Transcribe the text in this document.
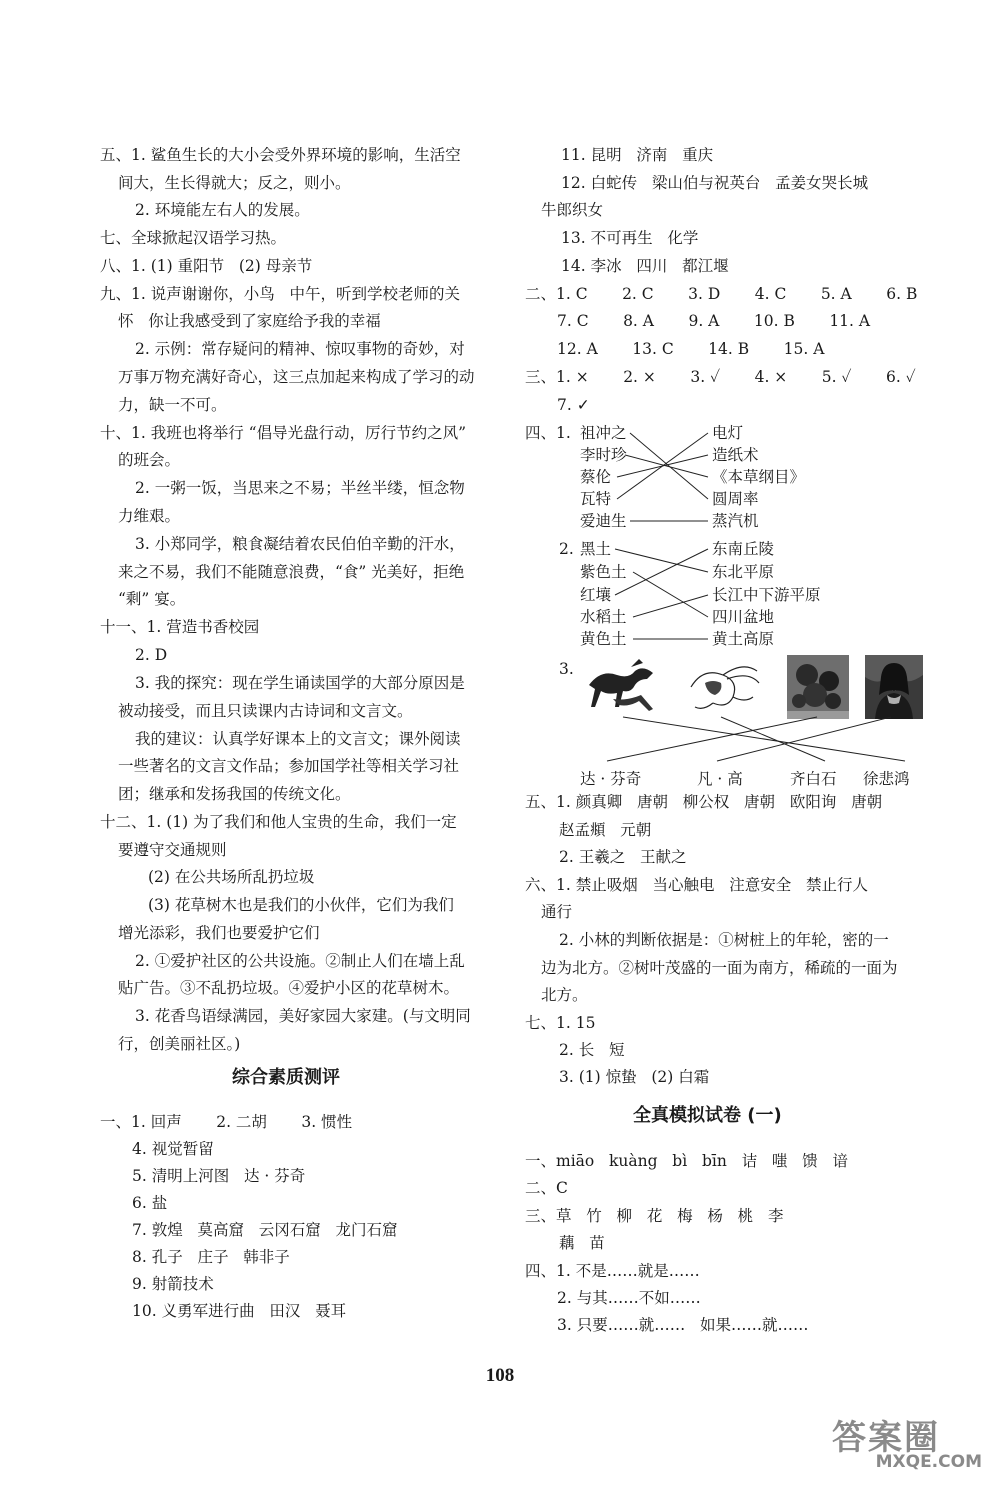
五、1. 鲨鱼生长的大小会受外界环境的影响，生活空
间大，生长得就大；反之，则小。
2. 环境能左右人的发展。
七、全球掀起汉语学习热。
八、1. (1) 重阳节   (2) 母亲节
九、1. 说声谢谢你，小鸟   中午，听到学校老师的关
怀   你让我感受到了家庭给予我的幸福
2. 示例：常存疑问的精神、惊叹事物的奇妙，对
万事万物充满好奇心，这三点加起来构成了学习的动
力，缺一不可。
十、1. 我班也将举行 “倡导光盘行动，厉行节约之风”
的班会。
2. 一粥一饭，当思来之不易；半丝半缕，恒念物
力维艰。
3. 小郑同学，粮食凝结着农民伯伯辛勤的汗水，
来之不易，我们不能随意浪费，“食” 光美好，拒绝
“剩” 宴。
十一、1. 营造书香校园
2. D
3. 我的探究：现在学生诵读国学的大部分原因是
被动接受，而且只读课内古诗词和文言文。
我的建议：认真学好课本上的文言文；课外阅读
一些著名的文言文作品；参加国学社等相关学习社
团；继承和发扬我国的传统文化。
十二、1. (1) 为了我们和他人宝贵的生命，我们一定
要遵守交通规则
(2) 在公共场所乱扔垃圾
(3) 花草树木也是我们的小伙伴，它们为我们
增光添彩，我们也要爱护它们
2. ①爱护社区的公共设施。②制止人们在墙上乱
贴广告。③不乱扔垃圾。④爱护小区的花草树木。
3. 花香鸟语绿满园，美好家园大家建。(与文明同
行，创美丽社区。)
综合素质测评
一、1. 回声       2. 二胡       3. 惯性
4. 视觉暂留
5. 清明上河图   达 · 芬奇
6. 盐
7. 敦煌   莫高窟   云冈石窟   龙门石窟
8. 孔子   庄子   韩非子
9. 射箭技术
10. 义勇军进行曲   田汉   聂耳
11. 昆明   济南   重庆
12. 白蛇传   梁山伯与祝英台   孟姜女哭长城
牛郎织女
13. 不可再生   化学
14. 李冰   四川   都江堰
二、1. C       2. C       3. D       4. C       5. A       6. B
7. C       8. A       9. A       10. B       11. A
12. A       13. C       14. B       15. A
三、1. ×       2. ×       3. ✓       4. ×       5. ✓       6. ✓
7. ✓
四、1. 祖冲之
李时珍
蔡伦
瓦特
爱迪生
电灯
造纸术
《本草纲目》
圆周率
蒸汽机
2. 黑土
紫色土
红壤
水稻土
黄色土
东南丘陵
东北平原
长江中下游平原
四川盆地
黄土高原
3.
达 · 芬奇	凡 · 高	齐白石 徐悲鸿
五、1. 颜真卿   唐朝   柳公权   唐朝   欧阳询   唐朝
赵孟頫   元朝
2. 王羲之   王献之
六、1. 禁止吸烟   当心触电   注意安全   禁止行人
通行
2. 小林的判断依据是：①树桩上的年轮，密的一
边为北方。②树叶茂盛的一面为南方，稀疏的一面为
北方。
七、1. 15
2. 长   短
3. (1) 惊蛰   (2) 白霜
全真模拟试卷 (一)
一、miāo   kuàng   bì   bīn   诘   嗤   馈   谙
二、C
三、草   竹   柳   花   梅   杨   桃   李
藕   苗
四、1. 不是……就是……
2. 与其……不如……
3. 只要……就……   如果……就……
108
答案圈
MXQE.COM
